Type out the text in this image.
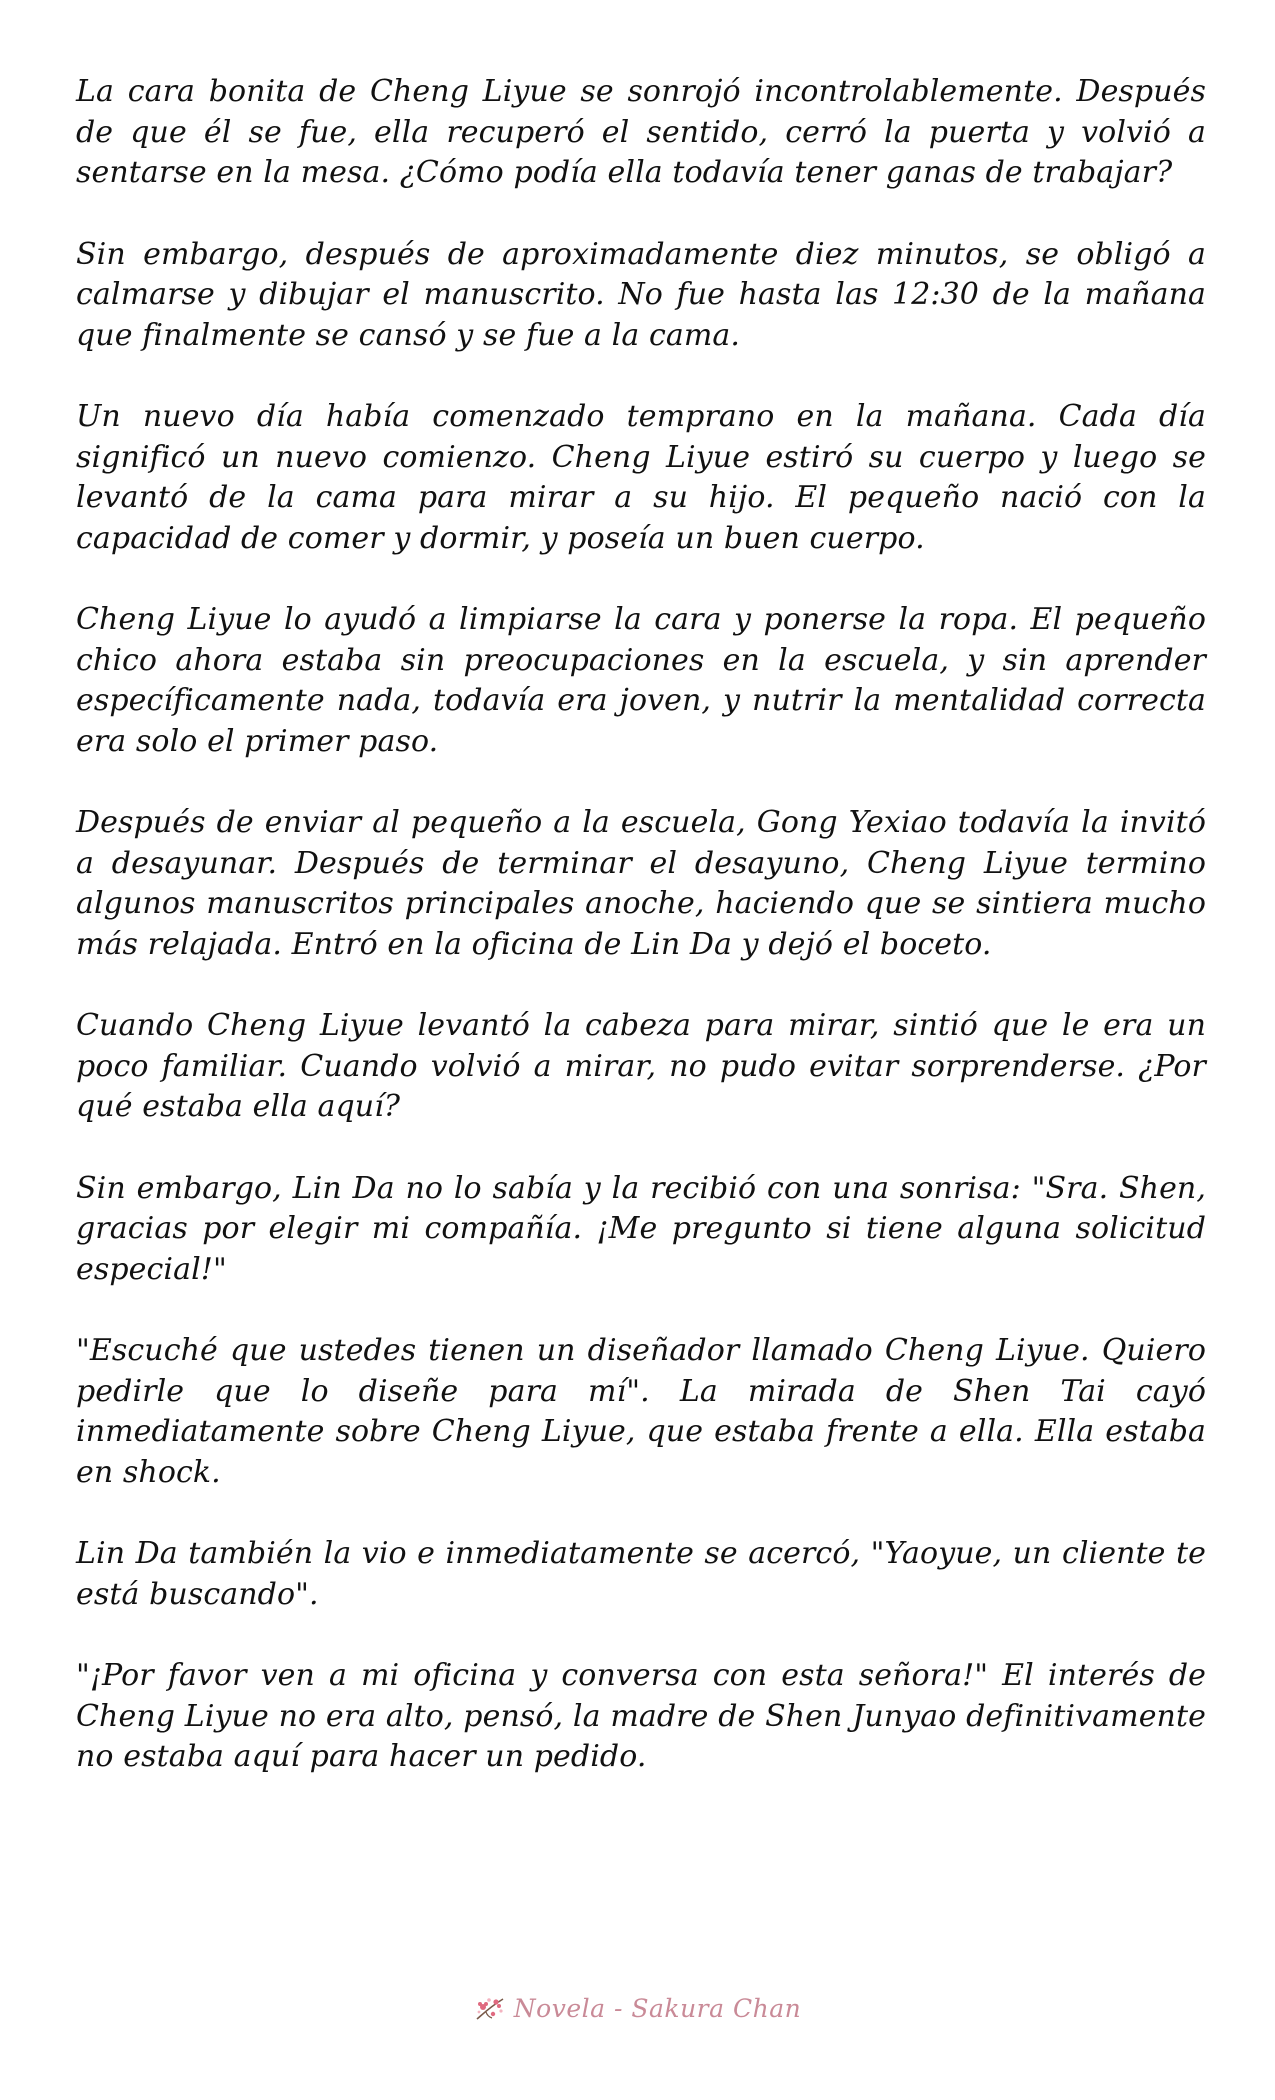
La cara bonita de Cheng Liyue se sonrojó incontrolablemente. Después de que él se fue, ella recuperó el sentido, cerró la puerta y volvió a sentarse en la mesa. ¿Cómo podía ella todavía tener ganas de trabajar?

Sin embargo, después de aproximadamente diez minutos, se obligó a calmarse y dibujar el manuscrito. No fue hasta las 12:30 de la mañana que finalmente se cansó y se fue a la cama.

Un nuevo día había comenzado temprano en la mañana. Cada día significó un nuevo comienzo. Cheng Liyue estiró su cuerpo y luego se levantó de la cama para mirar a su hijo. El pequeño nació con la capacidad de comer y dormir, y poseía un buen cuerpo.

Cheng Liyue lo ayudó a limpiarse la cara y ponerse la ropa. El pequeño chico ahora estaba sin preocupaciones en la escuela, y sin aprender específicamente nada, todavía era joven, y nutrir la mentalidad correcta era solo el primer paso.

Después de enviar al pequeño a la escuela, Gong Yexiao todavía la invitó a desayunar. Después de terminar el desayuno, Cheng Liyue termino algunos manuscritos principales anoche, haciendo que se sintiera mucho más relajada. Entró en la oficina de Lin Da y dejó el boceto.

Cuando Cheng Liyue levantó la cabeza para mirar, sintió que le era un poco familiar. Cuando volvió a mirar, no pudo evitar sorprenderse. ¿Por qué estaba ella aquí?

Sin embargo, Lin Da no lo sabía y la recibió con una sonrisa: "Sra. Shen, gracias por elegir mi compañía. ¡Me pregunto si tiene alguna solicitud especial!"

"Escuché que ustedes tienen un diseñador llamado Cheng Liyue. Quiero pedirle que lo diseñe para mí". La mirada de Shen Tai cayó inmediatamente sobre Cheng Liyue, que estaba frente a ella. Ella estaba en shock.

Lin Da también la vio e inmediatamente se acercó, "Yaoyue, un cliente te está buscando".

"¡Por favor ven a mi oficina y conversa con esta señora!" El interés de Cheng Liyue no era alto, pensó, la madre de Shen Junyao definitivamente no estaba aquí para hacer un pedido.

Novela - Sakura Chan
